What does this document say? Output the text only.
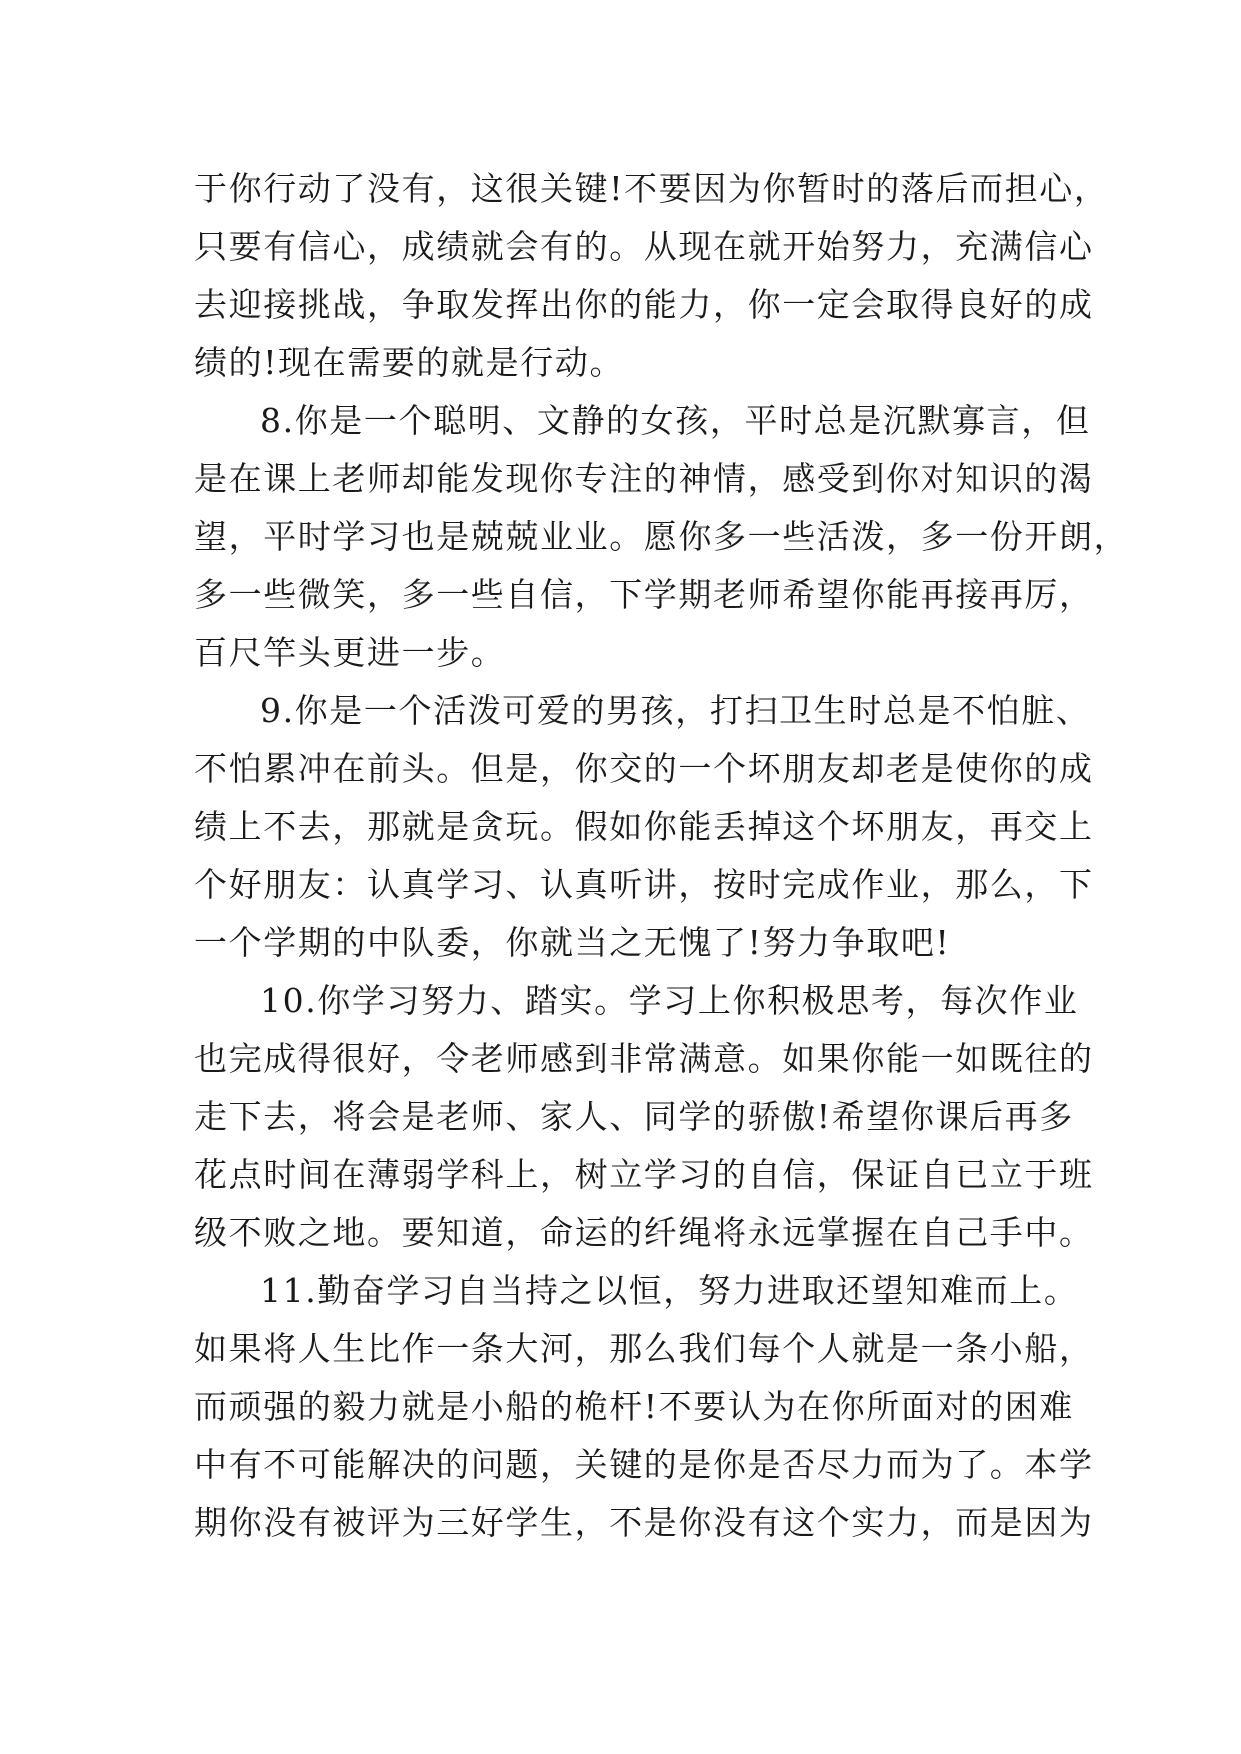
于你行动了没有，这很关键!不要因为你暂时的落后而担心，
只要有信心，成绩就会有的。从现在就开始努力，充满信心
去迎接挑战，争取发挥出你的能力，你一定会取得良好的成
绩的!现在需要的就是行动。
8.你是一个聪明、文静的女孩，平时总是沉默寡言，但
是在课上老师却能发现你专注的神情，感受到你对知识的渴
望，平时学习也是兢兢业业。愿你多一些活泼，多一份开朗，
多一些微笑，多一些自信，下学期老师希望你能再接再厉，
百尺竿头更进一步。
9.你是一个活泼可爱的男孩，打扫卫生时总是不怕脏、
不怕累冲在前头。但是，你交的一个坏朋友却老是使你的成
绩上不去，那就是贪玩。假如你能丢掉这个坏朋友，再交上
个好朋友：认真学习、认真听讲，按时完成作业，那么，下
一个学期的中队委，你就当之无愧了!努力争取吧!
10.你学习努力、踏实。学习上你积极思考，每次作业
也完成得很好，令老师感到非常满意。如果你能一如既往的
走下去，将会是老师、家人、同学的骄傲!希望你课后再多
花点时间在薄弱学科上，树立学习的自信，保证自已立于班
级不败之地。要知道，命运的纤绳将永远掌握在自己手中。
11.勤奋学习自当持之以恒，努力进取还望知难而上。
如果将人生比作一条大河，那么我们每个人就是一条小船，
而顽强的毅力就是小船的桅杆!不要认为在你所面对的困难
中有不可能解决的问题，关键的是你是否尽力而为了。本学
期你没有被评为三好学生，不是你没有这个实力，而是因为
